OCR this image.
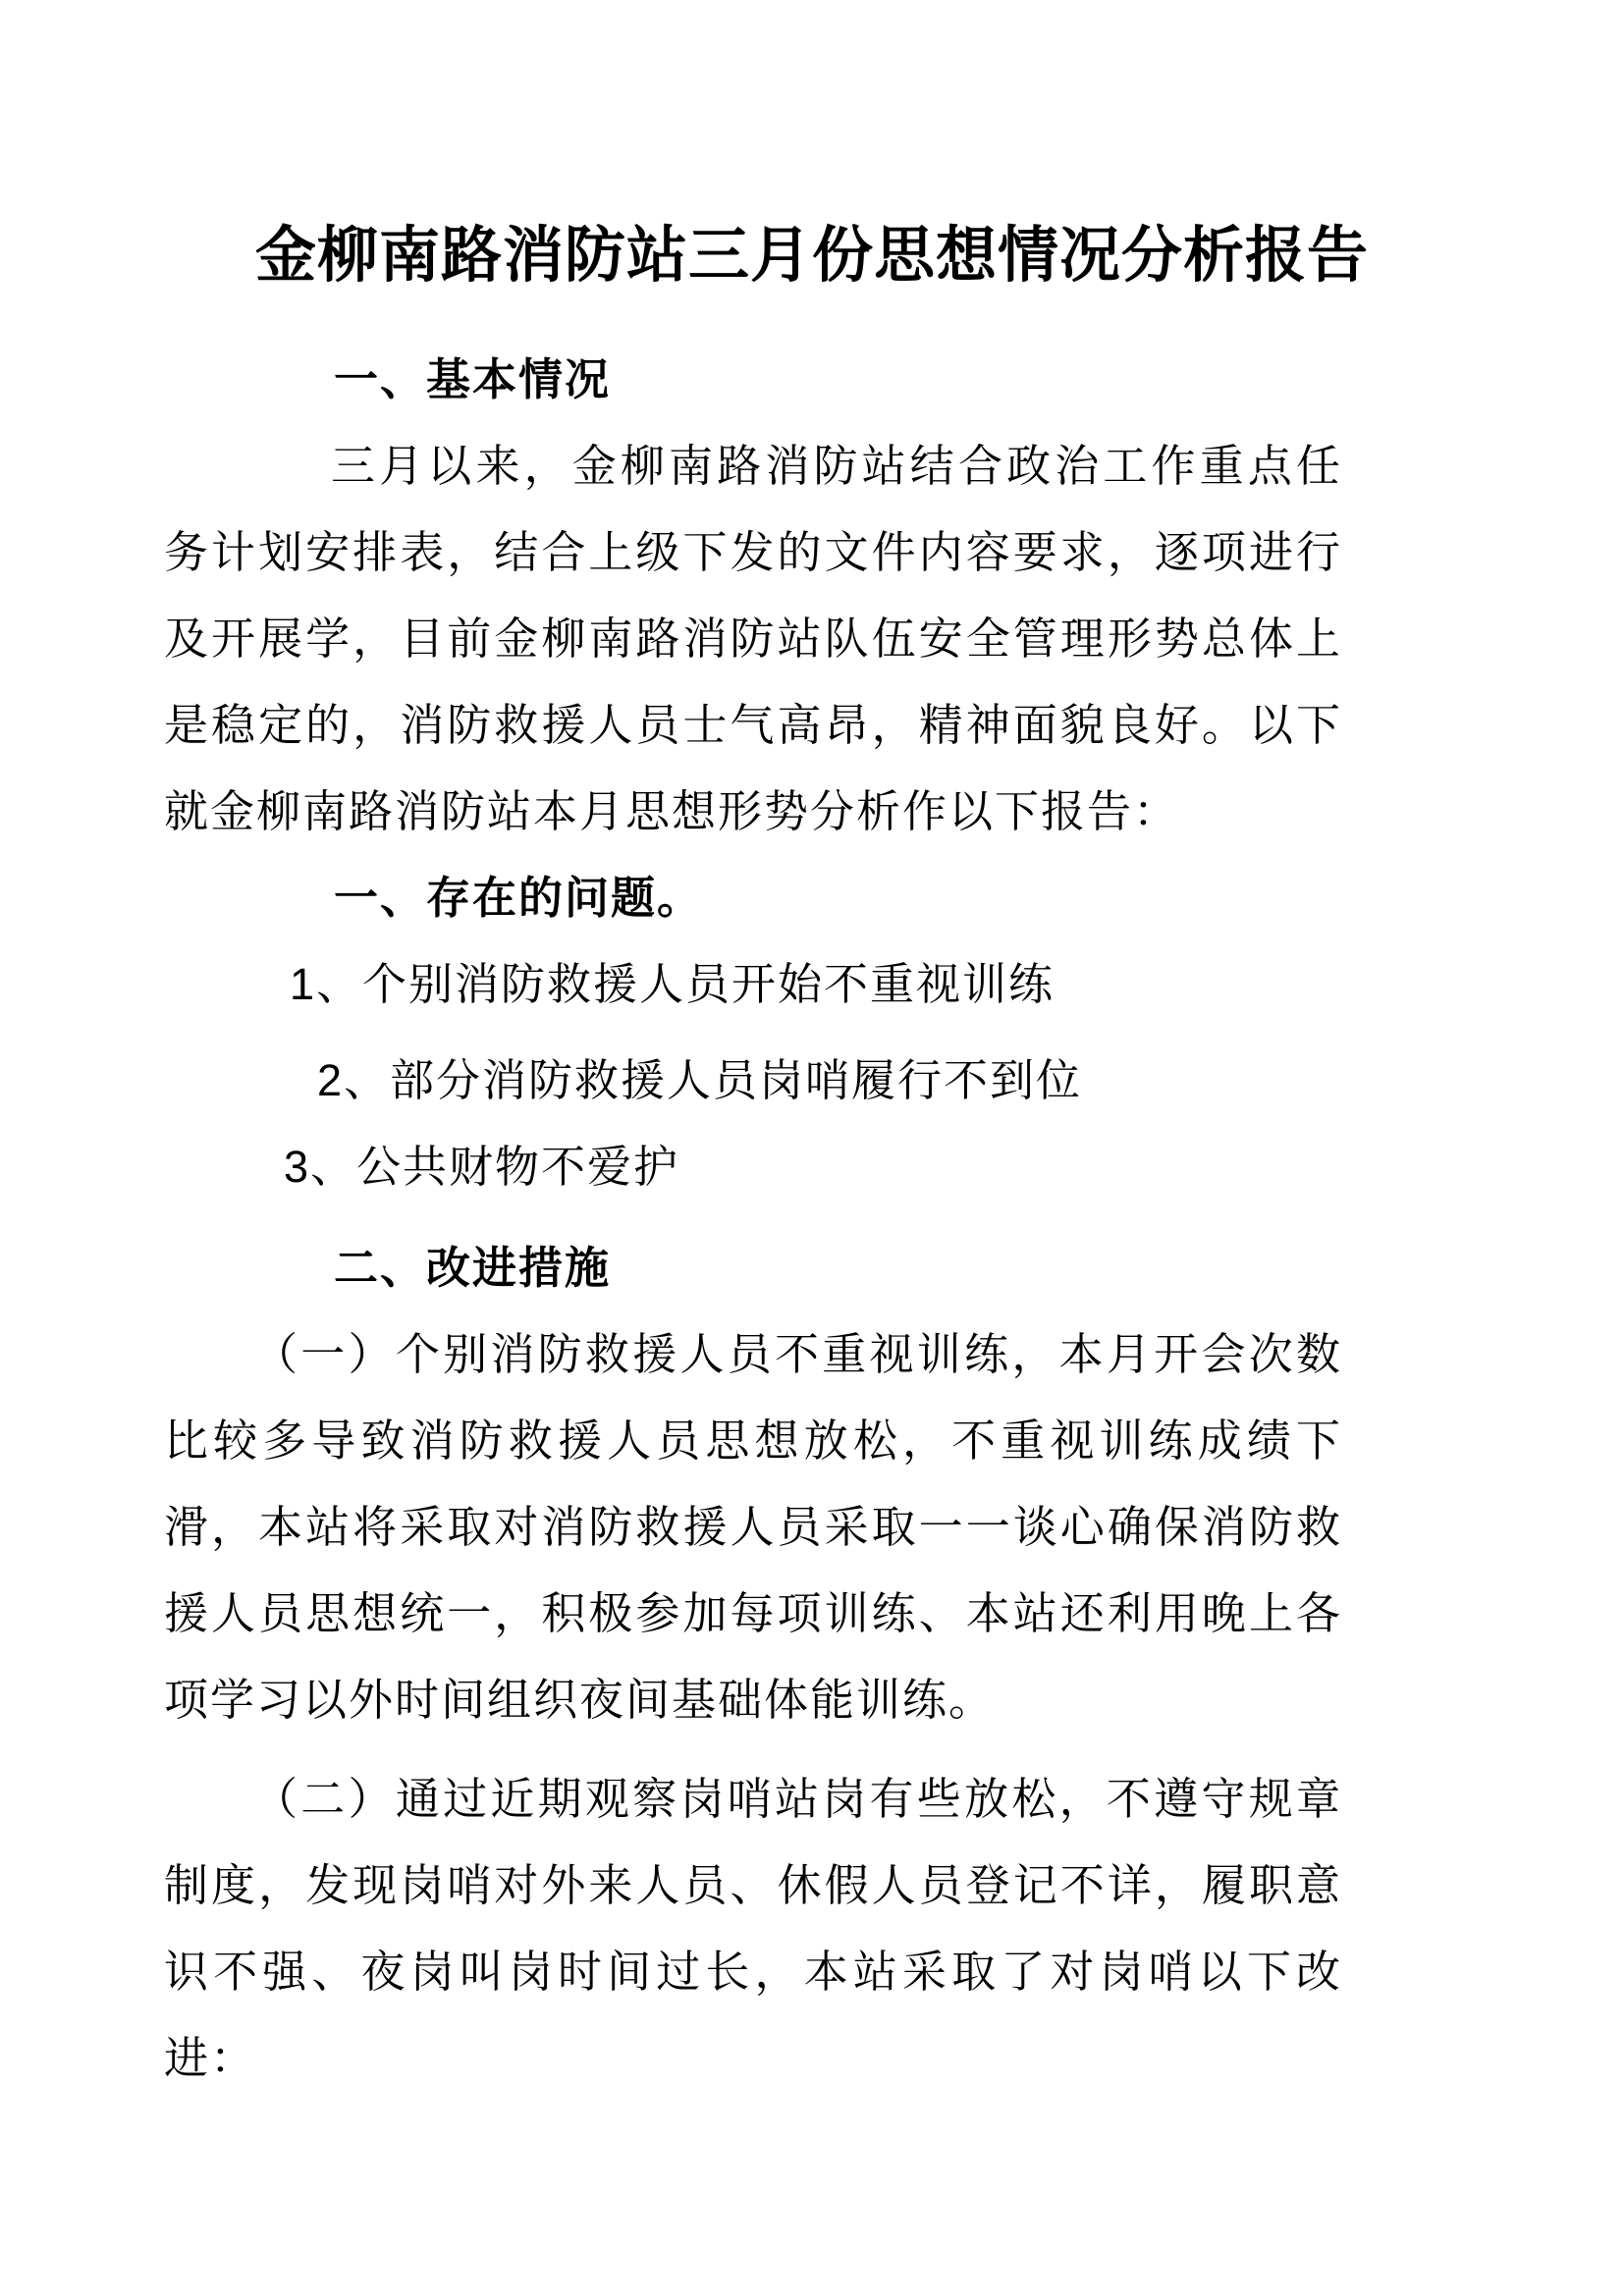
金柳南路消防站三月份思想情况分析报告
一、基本情况

三月以来，金柳南路消防站结合政治工作重点任务计划安排表，结合上级下发的文件内容要求，逐项进行及开展学，目前金柳南路消防站队伍安全管理形势总体上是稳定的，消防救援人员士气高昂，精神面貌良好。以下就金柳南路消防站本月思想形势分析作以下报告：

一、存在的问题。

1、个别消防救援人员开始不重视训练

2、部分消防救援人员岗哨履行不到位

3、公共财物不爱护

二、改进措施

（一）个别消防救援人员不重视训练，本月开会次数比较多导致消防救援人员思想放松，不重视训练成绩下滑，本站将采取对消防救援人员采取一一谈心确保消防救援人员思想统一，积极参加每项训练、本站还利用晚上各项学习以外时间组织夜间基础体能训练。

（二）通过近期观察岗哨站岗有些放松，不遵守规章制度，发现岗哨对外来人员、休假人员登记不详，履职意识不强、夜岗叫岗时间过长，本站采取了对岗哨以下改进：
